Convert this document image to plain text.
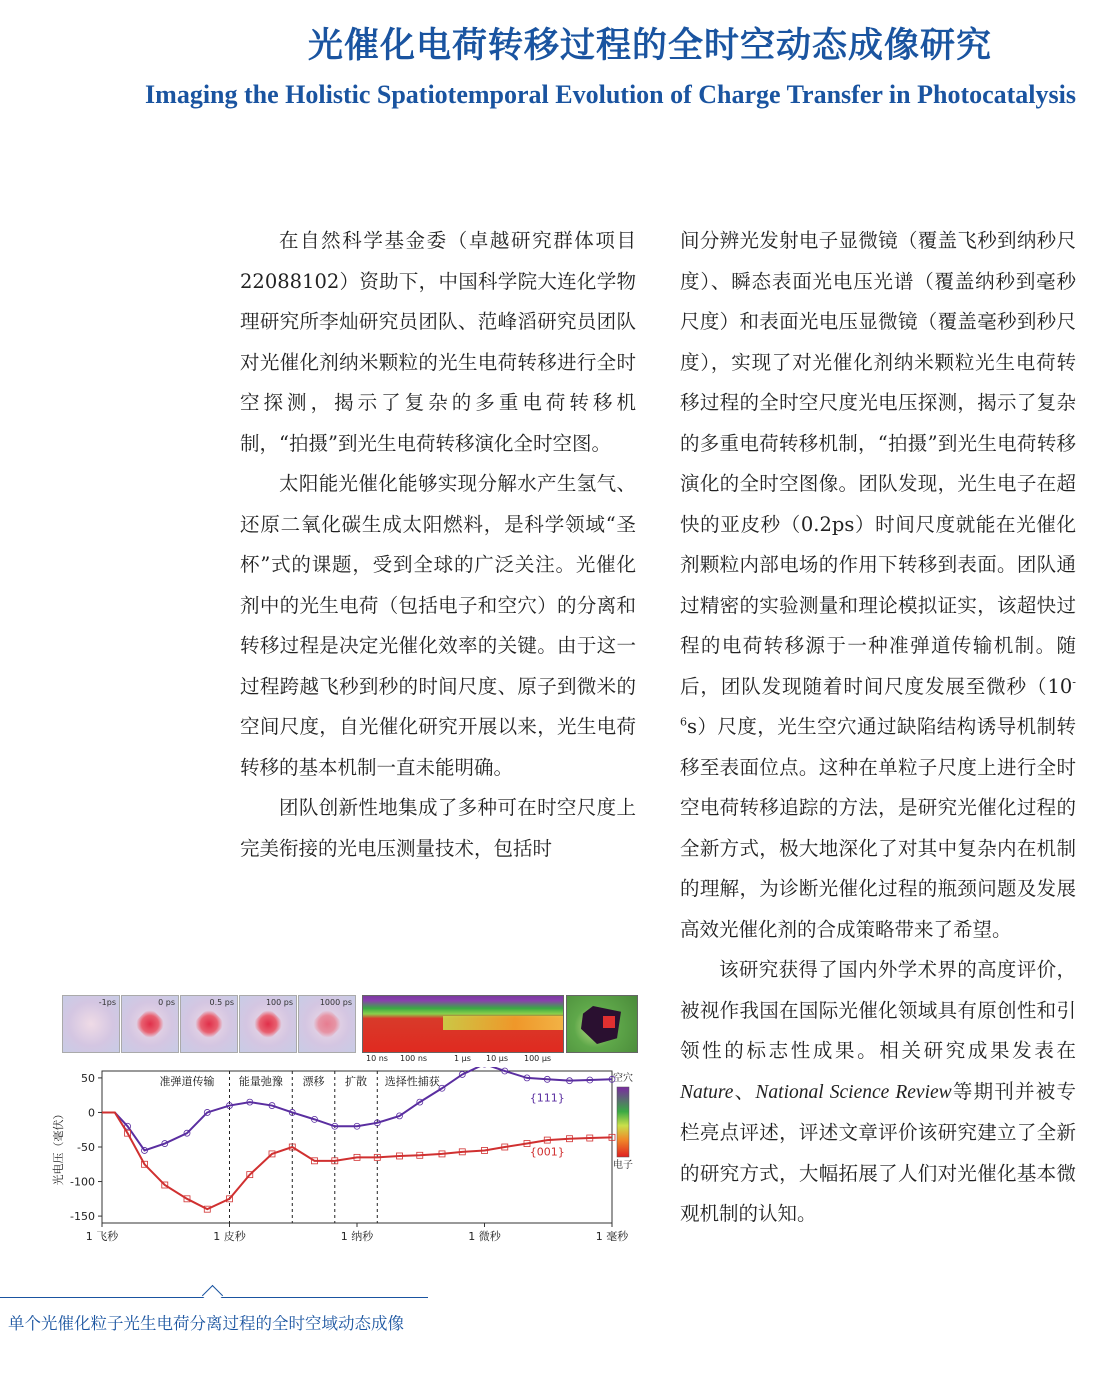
光催化电荷转移过程的全时空动态成像研究
Imaging the Holistic Spatiotemporal Evolution of Charge Transfer in Photocatalysis

在自然科学基金委（卓越研究群体项目 22088102）资助下，中国科学院大连化学物理研究所李灿研究员团队、范峰滔研究员团队对光催化剂纳米颗粒的光生电荷转移进行全时空探测，揭示了复杂的多重电荷转移机制，“拍摄”到光生电荷转移演化全时空图。

太阳能光催化能够实现分解水产生氢气、还原二氧化碳生成太阳燃料，是科学领域“圣杯”式的课题，受到全球的广泛关注。光催化剂中的光生电荷（包括电子和空穴）的分离和转移过程是决定光催化效率的关键。由于这一过程跨越飞秒到秒的时间尺度、原子到微米的空间尺度，自光催化研究开展以来，光生电荷转移的基本机制一直未能明确。

团队创新性地集成了多种可在时空尺度上完美衔接的光电压测量技术，包括时

间分辨光发射电子显微镜（覆盖飞秒到纳秒尺度）、瞬态表面光电压光谱（覆盖纳秒到毫秒尺度）和表面光电压显微镜（覆盖毫秒到秒尺度），实现了对光催化剂纳米颗粒光生电荷转移过程的全时空尺度光电压探测，揭示了复杂的多重电荷转移机制，“拍摄”到光生电荷转移演化的全时空图像。团队发现，光生电子在超快的亚皮秒（0.2ps）时间尺度就能在光催化剂颗粒内部电场的作用下转移到表面。团队通过精密的实验测量和理论模拟证实，该超快过程的电荷转移源于一种准弹道传输机制。随后，团队发现随着时间尺度发展至微秒$(10^{-6}s)$尺度，光生空穴通过缺陷结构诱导机制转移至表面位点。这种在单粒子尺度上进行全时空电荷转移追踪的方法，是研究光催化过程的全新方式，极大地深化了对其中复杂内在机制的理解，为诊断光催化过程的瓶颈问题及发展高效光催化剂的合成策略带来了希望。

该研究获得了国内外学术界的高度评价，被视作我国在国际光催化领域具有原创性和引领性的标志性成果。相关研究成果发表在Nature、National Science Review等期刊并被专栏亮点评述，评述文章评价该研究建立了全新的研究方式，大幅拓展了人们对光催化基本微观机制的认知。

-1ps	0 ps	0.5 ps	100 ps	1000 ps
10 ns 100 ns	1 μs 10 μs 100 μs
50
0
-50
-100
-150
光电压（毫伏）
1 飞秒	1 皮秒	1 纳秒	1 微秒	1 毫秒
准弹道传输 能量弛豫 漂移 扩散 选择性捕获	空穴
电子
{111}
{001}

单个光催化粒子光生电荷分离过程的全时空域动态成像
